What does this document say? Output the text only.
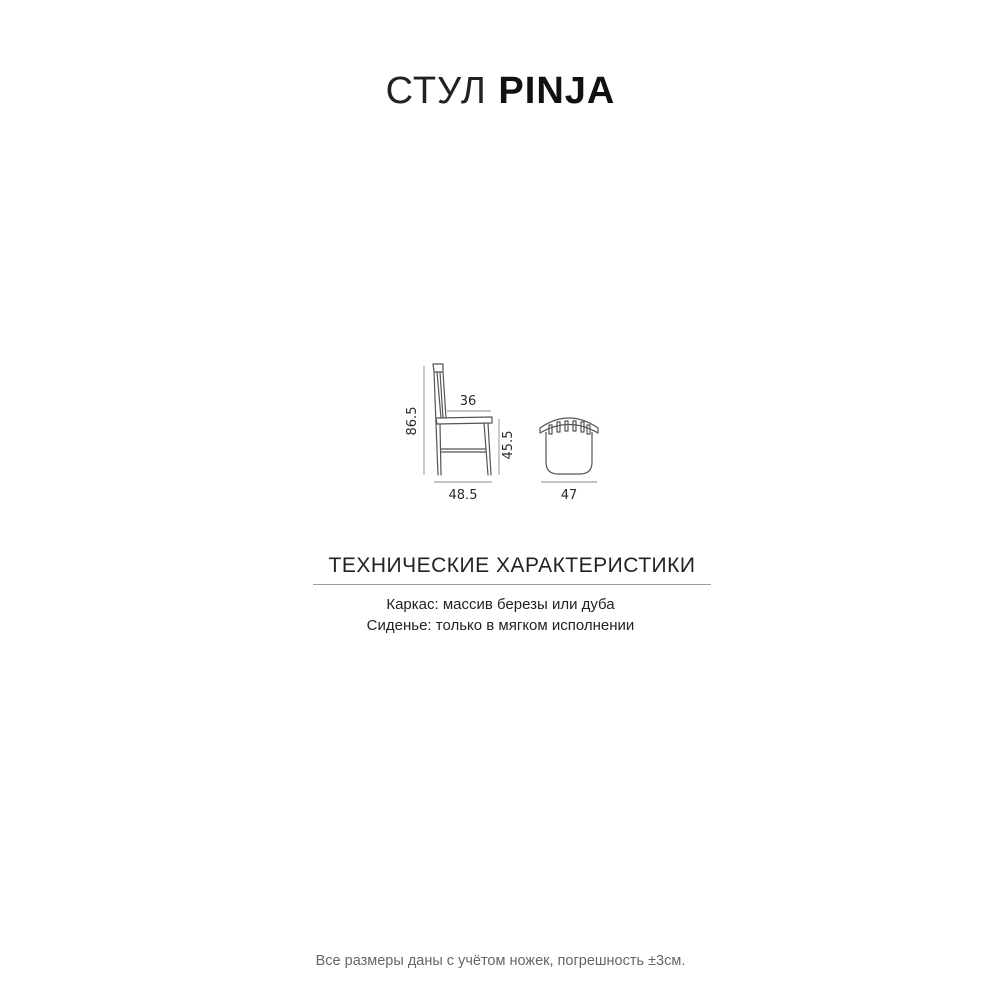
СТУЛ PINJA
86.5
36
45.5
48.5	47
ТЕХНИЧЕСКИЕ ХАРАКТЕРИСТИКИ
Каркас: массив березы или дуба
Сиденье: только в мягком исполнении
Все размеры даны с учётом ножек, погрешность ±3см.
